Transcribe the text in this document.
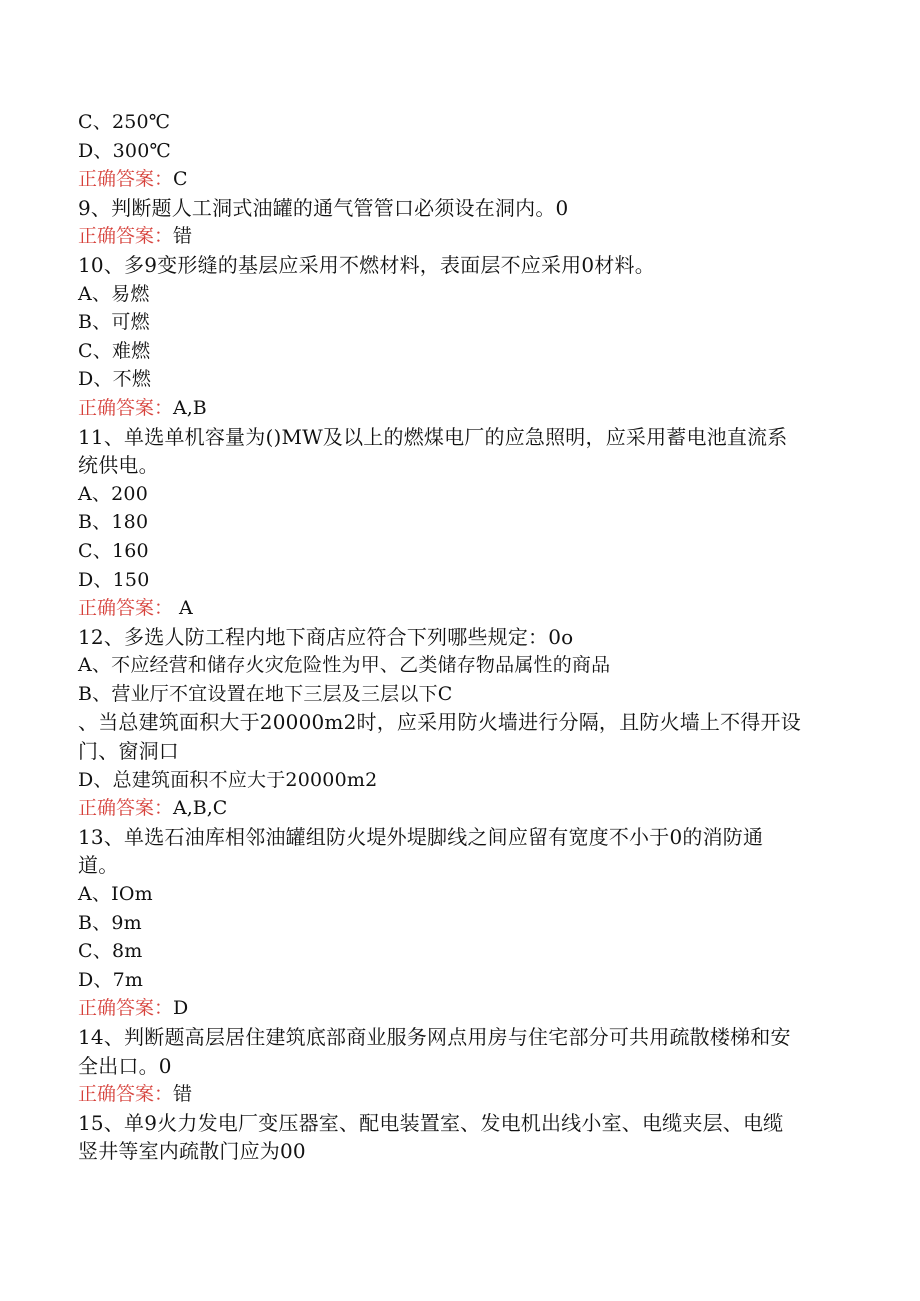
C、250℃
D、300℃
正确答案：C
9、判断题人工洞式油罐的通气管管口必须设在洞内。0
正确答案：错
10、多9变形缝的基层应采用不燃材料，表面层不应采用0材料。
A、易燃
B、可燃
C、难燃
D、不燃
正确答案：A,B
11、单选单机容量为()MW及以上的燃煤电厂的应急照明，应采用蓄电池直流系
统供电。
A、200
B、180
C、160
D、150
正确答案： A
12、多选人防工程内地下商店应符合下列哪些规定：0o
A、不应经营和储存火灾危险性为甲、乙类储存物品属性的商品
B、营业厅不宜设置在地下三层及三层以下C
、当总建筑面积大于20000m2时，应采用防火墙进行分隔，且防火墙上不得开设
门、窗洞口
D、总建筑面积不应大于20000m2
正确答案：A,B,C
13、单选石油库相邻油罐组防火堤外堤脚线之间应留有宽度不小于0的消防通
道。
A、IOm
B、9m
C、8m
D、7m
正确答案：D
14、判断题高层居住建筑底部商业服务网点用房与住宅部分可共用疏散楼梯和安
全出口。0
正确答案：错
15、单9火力发电厂变压器室、配电装置室、发电机出线小室、电缆夹层、电缆
竖井等室内疏散门应为00
